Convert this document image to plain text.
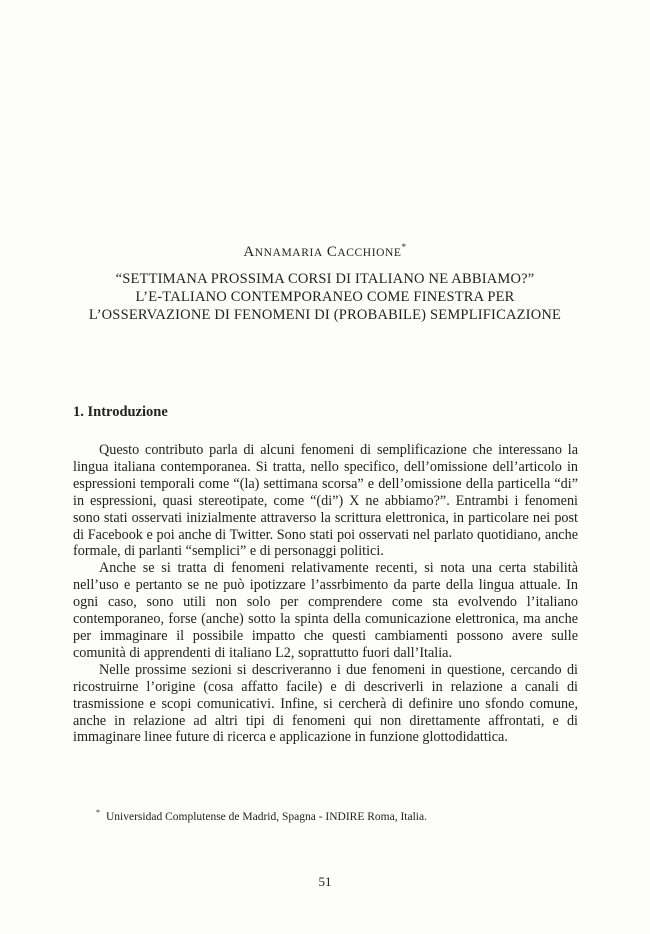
ANNAMARIA CACCHIONE*
“SETTIMANA PROSSIMA CORSI DI ITALIANO NE ABBIAMO?”
L’E-TALIANO CONTEMPORANEO COME FINESTRA PER
L’OSSERVAZIONE DI FENOMENI DI (PROBABILE) SEMPLIFICAZIONE
1. Introduzione

Questo contributo parla di alcuni fenomeni di semplificazione che interessano la lingua italiana contemporanea. Si tratta, nello specifico, dell’omissione dell’articolo in espressioni temporali come “(la) settimana scorsa” e dell’omissione della particella “di” in espressioni, quasi stereotipate, come “(di”) X ne abbiamo?”. Entrambi i fenomeni sono stati osservati inizialmente attraverso la scrittura elettronica, in particolare nei post di Facebook e poi anche di Twitter. Sono stati poi osservati nel parlato quotidiano, anche formale, di parlanti “semplici” e di personaggi politici.

Anche se si tratta di fenomeni relativamente recenti, si nota una certa stabilità nell’uso e pertanto se ne può ipotizzare l’assrbimento da parte della lingua attuale. In ogni caso, sono utili non solo per comprendere come sta evolvendo l’italiano contemporaneo, forse (anche) sotto la spinta della comunicazione elettronica, ma anche per immaginare il possibile impatto che questi cambiamenti possono avere sulle comunità di apprendenti di italiano L2, soprattutto fuori dall’Italia.

Nelle prossime sezioni si descriveranno i due fenomeni in questione, cercando di ricostruirne l’origine (cosa affatto facile) e di descriverli in relazione a canali di trasmissione e scopi comunicativi. Infine, si cercherà di definire uno sfondo comune, anche in relazione ad altri tipi di fenomeni qui non direttamente affrontati, e di immaginare linee future di ricerca e applicazione in funzione glottodidattica.

* Universidad Complutense de Madrid, Spagna - INDIRE Roma, Italia.
51
